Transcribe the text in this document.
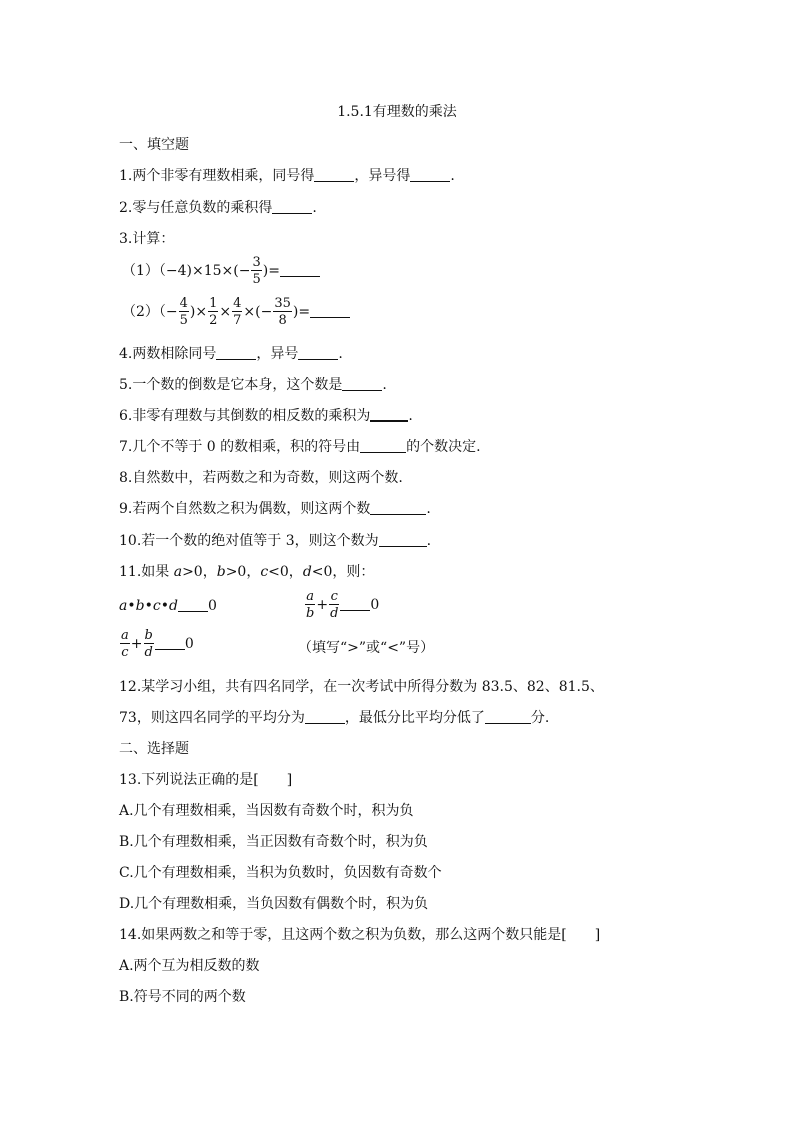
1.5.1有理数的乘法
一、填空题
1.两个非零有理数相乘，同号得	，异号得	.
2.零与任意负数的乘积得	.
3.计算：
$(1)(-4)\times 15\times(- \frac{3}{5}$ )=
$(2)(- \frac{4}{5}$ )× $\frac{1}{2} \times \frac{4}{7}$ ×(− $\frac{35}{8}$ )=
4.两数相除同号	，异号	.
5.一个数的倒数是它本身，这个数是	.
6.非零有理数与其倒数的相反数的乘积为	.
7.几个不等于 0 的数相乘，积的符号由	的个数决定.
8.自然数中，若两数之和为奇数，则这两个数.
9.若两个自然数之积为偶数，则这两个数	.
10.若一个数的绝对值等于 3，则这个数为	.
11.如果 a>0，b>0，c<0，d<0，则：
a•b•c•d 0	$\frac{a}{b} + \frac{c}{d} 0$
$\frac{a}{c} + \frac{b}{d} 0$	（填写“>”或“<”号）
12.某学习小组，共有四名同学，在一次考试中所得分数为 83.5、82、81.5、
73，则这四名同学的平均分为	，最低分比平均分低了	分.
二、选择题
13.下列说法正确的是[　　]
A.几个有理数相乘，当因数有奇数个时，积为负
B.几个有理数相乘，当正因数有奇数个时，积为负
C.几个有理数相乘，当积为负数时，负因数有奇数个
D.几个有理数相乘，当负因数有偶数个时，积为负
14.如果两数之和等于零，且这两个数之积为负数，那么这两个数只能是[　　]
A.两个互为相反数的数
B.符号不同的两个数
